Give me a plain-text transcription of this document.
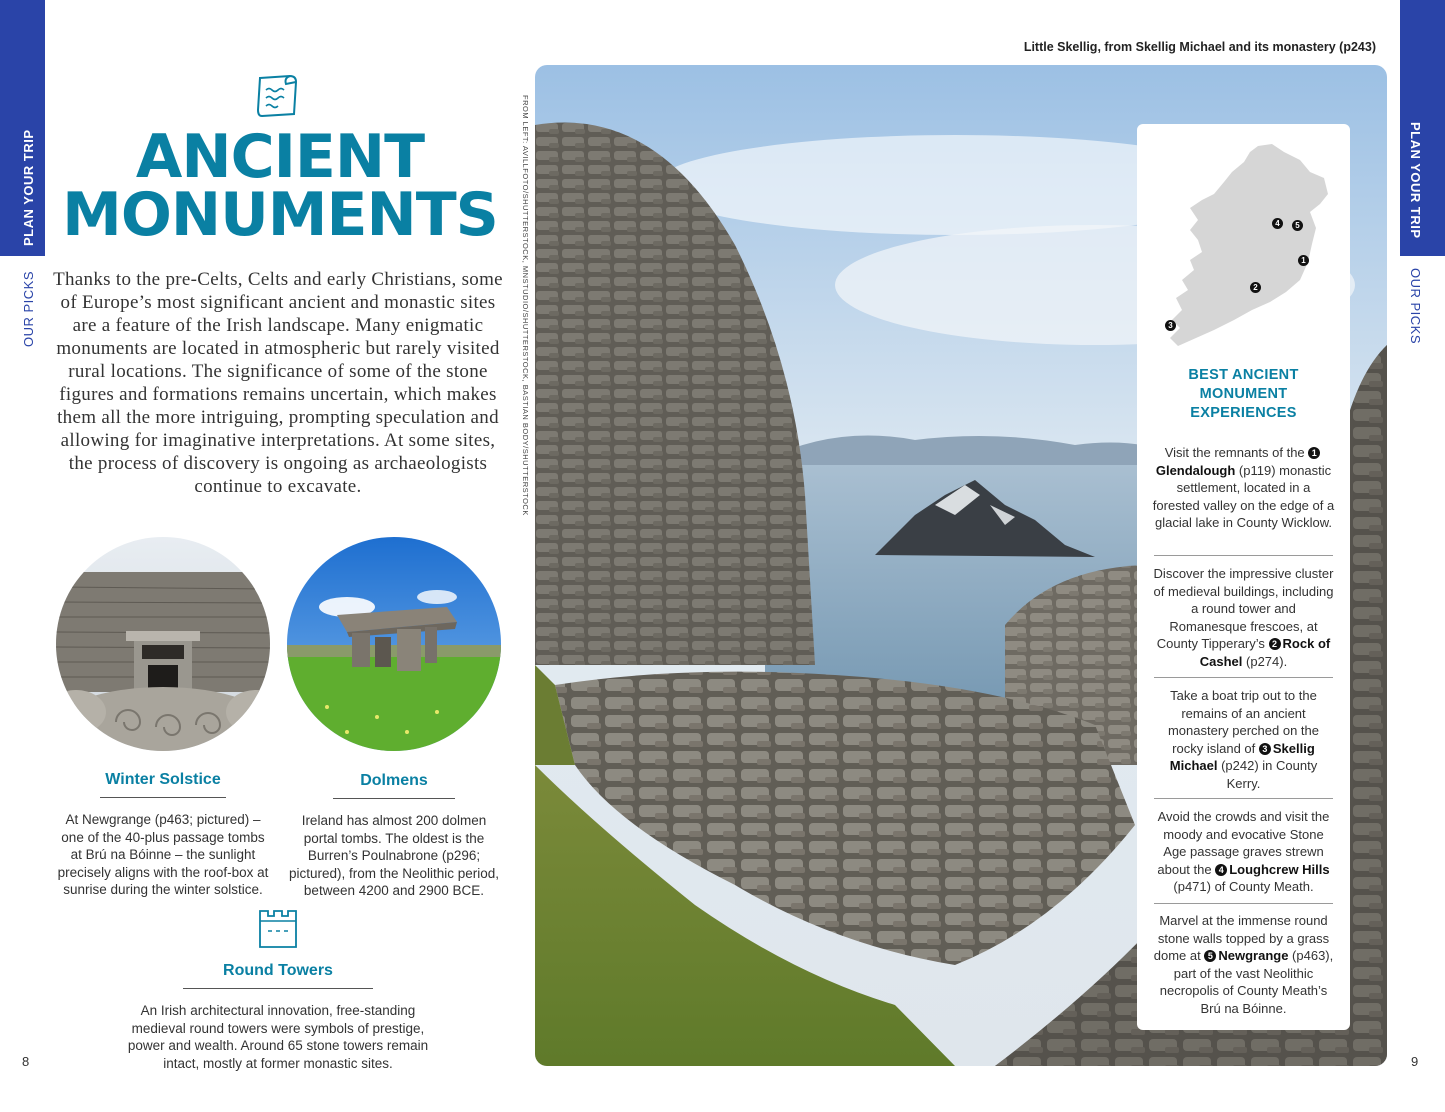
PLAN YOUR TRIP
OUR PICKS
PLAN YOUR TRIP
OUR PICKS
8	9
ANCIENT
MONUMENTS
Thanks to the pre-Celts, Celts and early Christians, some of Europe’s most significant ancient and monastic sites are a feature of the Irish landscape. Many enigmatic monuments are located in atmospheric but rarely visited rural locations. The significance of some of the stone figures and formations remains uncertain, which makes them all the more intriguing, prompting speculation and allowing for imaginative interpretations. At some sites, the process of discovery is ongoing as archaeologists continue to excavate.
Winter Solstice
At Newgrange (p463; pictured) – one of the 40-plus passage tombs at Brú na Bóinne – the sunlight precisely aligns with the roof-box at sunrise during the winter solstice.
Dolmens
Ireland has almost 200 dolmen portal tombs. The oldest is the Burren’s Poulnabrone (p296; pictured), from the Neolithic period, between 4200 and 2900 BCE.
Round Towers
An Irish architectural innovation, free-standing medieval round towers were symbols of prestige, power and wealth. Around 65 stone towers remain intact, mostly at former monastic sites.
FROM LEFT: AVILLFOTO/SHUTTERSTOCK, MNSTUDIO/SHUTTERSTOCK, BASTIAN BODY/SHUTTERSTOCK
Little Skellig, from Skellig Michael and its monastery (p243)
4	5
1
2
3
BEST ANCIENT
MONUMENT
EXPERIENCES
Visit the remnants of the 1Glendalough (p119) monastic settlement, located in a forested valley on the edge of a glacial lake in County Wicklow.
Discover the impressive cluster of medieval buildings, including a round tower and Romanesque frescoes, at County Tipperary’s 2 Rock of Cashel (p274).
Take a boat trip out to the remains of an ancient monastery perched on the rocky island of 3 Skellig Michael (p242) in County Kerry.
Avoid the crowds and visit the moody and evocative Stone Age passage graves strewn about the 4 Loughcrew Hills (p471) of County Meath.
Marvel at the immense round stone walls topped by a grass dome at 5 Newgrange (p463), part of the vast Neolithic necropolis of County Meath’s Brú na Bóinne.
